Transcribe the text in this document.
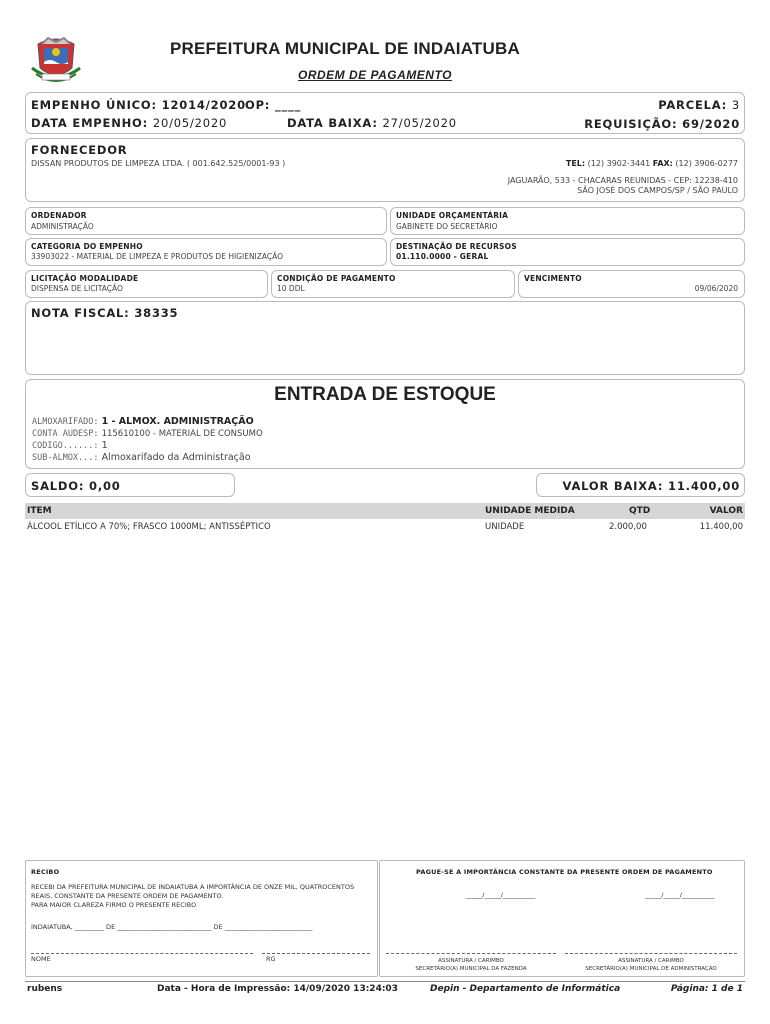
PREFEITURA MUNICIPAL DE INDAIATUBA
ORDEM DE PAGAMENTO
EMPENHO ÚNICO: 12014/2020 OP: ____	PARCELA: 3
DATA EMPENHO: 20/05/2020	DATA BAIXA: 27/05/2020	REQUISIÇÃO: 69/2020
FORNECEDOR
DISSAN PRODUTOS DE LIMPEZA LTDA. ( 001.642.525/0001-93 )	TEL: (12) 3902-3441 FAX: (12) 3906-0277
JAGUARÃO, 533 - CHACARAS REUNIDAS - CEP: 12238-410
SÃO JOSÉ DOS CAMPOS/SP / SÃO PAULO
ORDENADOR
ADMINISTRAÇÃO
UNIDADE ORÇAMENTÁRIA
GABINETE DO SECRETÁRIO
CATEGORIA DO EMPENHO
33903022 - MATERIAL DE LIMPEZA E PRODUTOS DE HIGIENIZAÇÃO
DESTINAÇÃO DE RECURSOS
01.110.0000 - GERAL
LICITAÇÃO MODALIDADE
DISPENSA DE LICITAÇÃO
CONDIÇÃO DE PAGAMENTO
10 DDL
VENCIMENTO
09/06/2020
NOTA FISCAL: 38335
ENTRADA DE ESTOQUE
ALMOXARIFADO: 1 - ALMOX. ADMINISTRAÇÃO
CONTA AUDESP: 115610100 - MATERIAL DE CONSUMO
CODIGO......: 1
SUB-ALMOX...: Almoxarifado da Administração
SALDO: 0,00	VALOR BAIXA: 11.400,00
ITEM	UNIDADE MEDIDA	QTD	VALOR
ÁLCOOL ETÍLICO A 70%; FRASCO 1000ML; ANTISSÉPTICO	UNIDADE	2.000,00	11.400,00
RECIBO
RECEBI DA PREFEITURA MUNICIPAL DE INDAIATUBA A IMPORTÂNCIA DE ONZE MIL, QUATROCENTOS
REAIS, CONSTANTE DA PRESENTE ORDEM DE PAGAMENTO.
PARA MAIOR CLAREZA FIRMO O PRESENTE RECIBO
INDAIATUBA, _________ DE _____________________________ DE ___________________________
NOME	RG
PAGUE-SE A IMPORTÂNCIA CONSTANTE DA PRESENTE ORDEM DE PAGAMENTO
_____/_____/__________	_____/_____/__________
ASSINATURA / CARIMBO
SECRETÁRIO(A) MUNICIPAL DA FAZENDA
ASSINATURA / CARIMBO
SECRETÁRIO(A) MUNICIPAL DE ADMINISTRAÇÃO
rubens	Data - Hora de Impressão: 14/09/2020 13:24:03	Depin - Departamento de Informática	Página: 1 de 1
